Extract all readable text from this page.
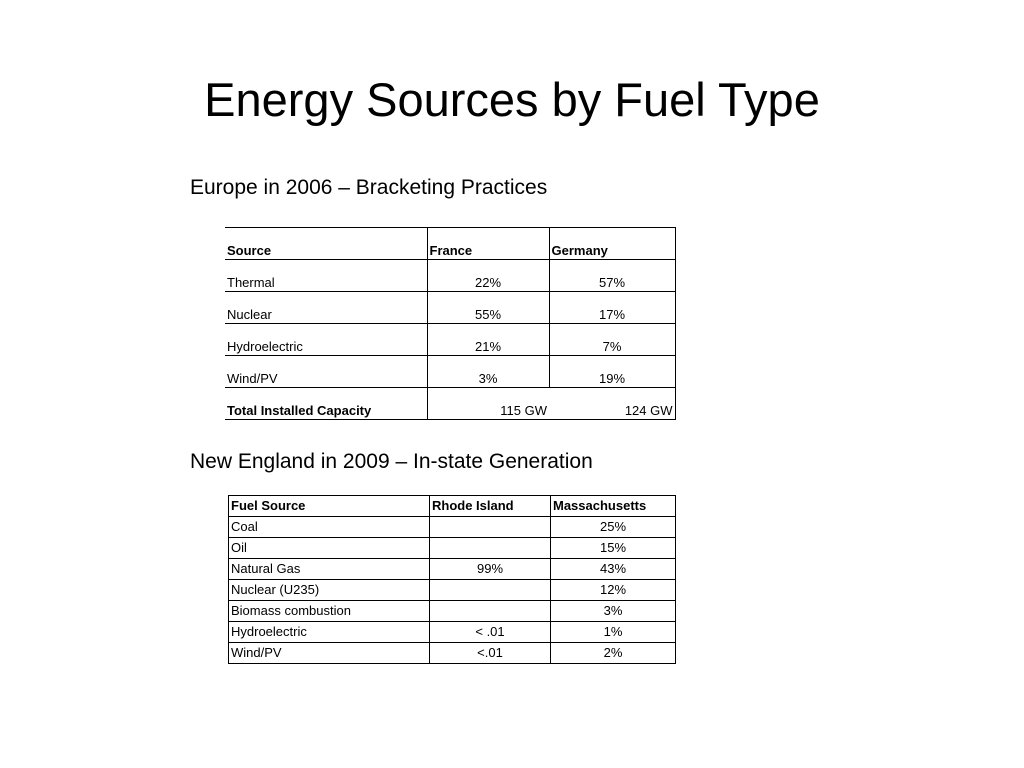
Energy Sources by Fuel Type
Europe in 2006 – Bracketing Practices
Source	France	Germany
Thermal	22%	57%
Nuclear	55%	17%
Hydroelectric	21%	7%
Wind/PV	3%	19%
Total Installed Capacity	115 GW	124 GW
New England in 2009 – In-state Generation
Fuel Source	Rhode Island	Massachusetts
Coal		25%
Oil		15%
Natural Gas	99%	43%
Nuclear (U235)		12%
Biomass combustion		3%
Hydroelectric	< .01	1%
Wind/PV	<.01	2%
